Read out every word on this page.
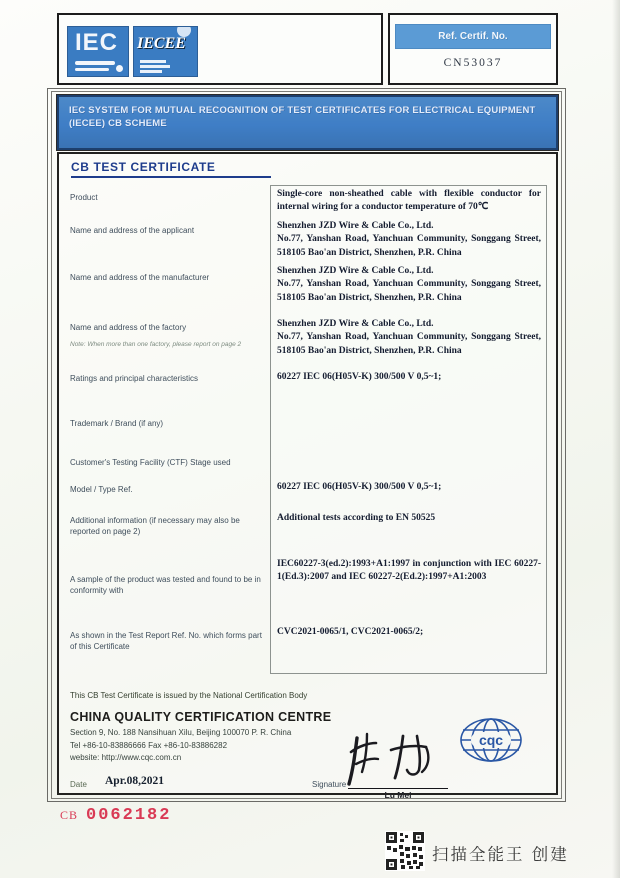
IEC IECEE	Ref. Certif. No.
CN53037
IEC SYSTEM FOR MUTUAL RECOGNITION OF TEST CERTIFICATES FOR ELECTRICAL EQUIPMENT
(IECEE) CB SCHEME
CB TEST CERTIFICATE
Product
Name and address of the applicant
Name and address of the manufacturer
Name and address of the factory
Note: When more than one factory, please report on page 2
Ratings and principal characteristics
Trademark / Brand (if any)
Customer's Testing Facility (CTF) Stage used
Model / Type Ref.
Additional information (if necessary may also be reported on page 2)
A sample of the product was tested and found to be in conformity with
As shown in the Test Report Ref. No. which forms part of this Certificate
Single-core non-sheathed cable with flexible conductor for internal wiring for a conductor temperature of 70℃
Shenzhen JZD Wire & Cable Co., Ltd.
No.77, Yanshan Road, Yanchuan Community, Songgang Street, 518105 Bao'an District, Shenzhen, P.R. China
Shenzhen JZD Wire & Cable Co., Ltd.
No.77, Yanshan Road, Yanchuan Community, Songgang Street, 518105 Bao'an District, Shenzhen, P.R. China
Shenzhen JZD Wire & Cable Co., Ltd.
No.77, Yanshan Road, Yanchuan Community, Songgang Street, 518105 Bao'an District, Shenzhen, P.R. China
60227 IEC 06(H05V-K) 300/500 V 0,5~1;
60227 IEC 06(H05V-K) 300/500 V 0,5~1;
Additional tests according to EN 50525
IEC60227-3(ed.2):1993+A1:1997 in conjunction with IEC 60227-1(Ed.3):2007 and IEC 60227-2(Ed.2):1997+A1:2003
CVC2021-0065/1, CVC2021-0065/2;
This CB Test Certificate is issued by the National Certification Body
CHINA QUALITY CERTIFICATION CENTRE
Section 9, No. 188 Nansihuan Xilu, Beijing 100070 P. R. China
Tel +86-10-83886666 Fax +86-10-83886282
website: http://www.cqc.com.cn
Date Apr.08,2021	Signature
Lu Mei
cqc
CB 0062182
扫描全能王 创建
